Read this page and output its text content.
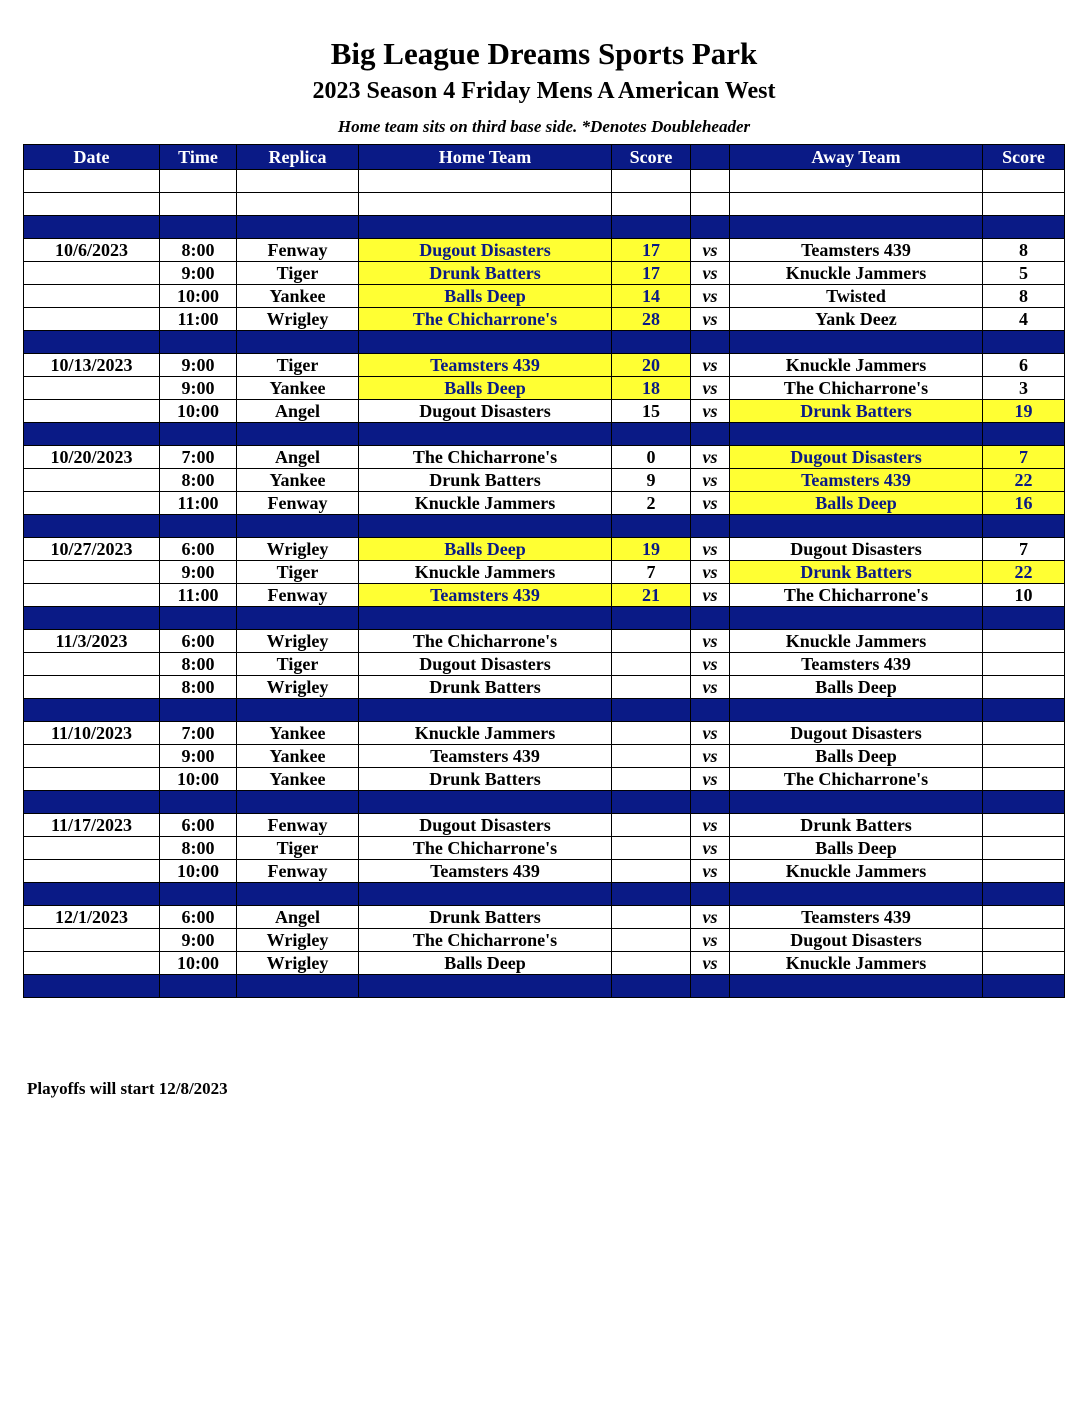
Big League Dreams Sports Park
2023 Season 4 Friday Mens A American West
Home team sits on third base side. *Denotes Doubleheader
Date	Time	Replica	Home Team	Score		Away Team	Score

10/6/2023	8:00	Fenway	Dugout Disasters	17	vs	Teamsters 439	8
	9:00	Tiger	Drunk Batters	17	vs	Knuckle Jammers	5
	10:00	Yankee	Balls Deep	14	vs	Twisted	8
	11:00	Wrigley	The Chicharrone's	28	vs	Yank Deez	4

10/13/2023	9:00	Tiger	Teamsters 439	20	vs	Knuckle Jammers	6
	9:00	Yankee	Balls Deep	18	vs	The Chicharrone's	3
	10:00	Angel	Dugout Disasters	15	vs	Drunk Batters	19

10/20/2023	7:00	Angel	The Chicharrone's	0	vs	Dugout Disasters	7
	8:00	Yankee	Drunk Batters	9	vs	Teamsters 439	22
	11:00	Fenway	Knuckle Jammers	2	vs	Balls Deep	16

10/27/2023	6:00	Wrigley	Balls Deep	19	vs	Dugout Disasters	7
	9:00	Tiger	Knuckle Jammers	7	vs	Drunk Batters	22
	11:00	Fenway	Teamsters 439	21	vs	The Chicharrone's	10

11/3/2023	6:00	Wrigley	The Chicharrone's		vs	Knuckle Jammers	
	8:00	Tiger	Dugout Disasters		vs	Teamsters 439	
	8:00	Wrigley	Drunk Batters		vs	Balls Deep	

11/10/2023	7:00	Yankee	Knuckle Jammers		vs	Dugout Disasters	
	9:00	Yankee	Teamsters 439		vs	Balls Deep	
	10:00	Yankee	Drunk Batters		vs	The Chicharrone's	

11/17/2023	6:00	Fenway	Dugout Disasters		vs	Drunk Batters	
	8:00	Tiger	The Chicharrone's		vs	Balls Deep	
	10:00	Fenway	Teamsters 439		vs	Knuckle Jammers	

12/1/2023	6:00	Angel	Drunk Batters		vs	Teamsters 439	
	9:00	Wrigley	The Chicharrone's		vs	Dugout Disasters	
	10:00	Wrigley	Balls Deep		vs	Knuckle Jammers	

Playoffs will start 12/8/2023
